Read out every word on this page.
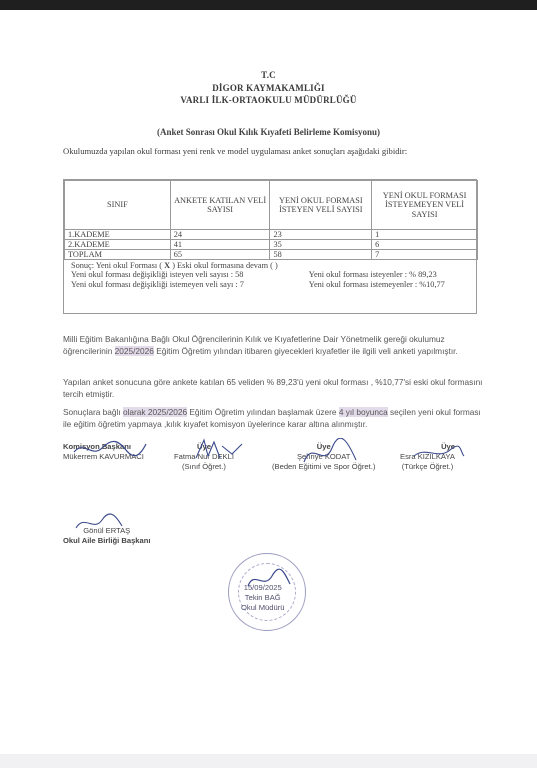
T.C
DİGOR KAYMAKAMLIĞI
VARLI İLK-ORTAOKULU MÜDÜRLÜĞÜ
(Anket Sonrası Okul Kılık Kıyafeti Belirleme Komisyonu)
Okulumuzda yapılan okul forması yeni renk ve model uygulaması anket sonuçları aşağıdaki gibidir:
SINIF	ANKETE KATILAN VELİ SAYISI	YENİ OKUL FORMASI İSTEYEN VELİ SAYISI	YENİ OKUL FORMASI İSTEYEMEYEN VELİ SAYISI
1.KADEME	24	23	1
2.KADEME	41	35	6
TOPLAM	65	58	7
Sonuç: Yeni okul Forması ( X ) Eski okul formasına devam ( )
Yeni okul forması değişikliği isteyen veli sayısı : 58	Yeni okul forması isteyenler : % 89,23
Yeni okul forması değişikliği istemeyen veli sayı : 7	Yeni okul forması istemeyenler : %10,77
Milli Eğitim Bakanlığına Bağlı Okul Öğrencilerinin Kılık ve Kıyafetlerine Dair Yönetmelik gereği okulumuz öğrencilerinin 2025/2026 Eğitim Öğretim yılından itibaren giyecekleri kıyafetler ile ilgili veli anketi yapılmıştır.
Yapılan anket sonucuna göre ankete katılan 65 veliden % 89,23'ü yeni okul forması , %10,77'si eski okul formasını tercih etmiştir.
Sonuçlara bağlı olarak 2025/2026 Eğitim Öğretim yılından başlamak üzere 4 yıl boyunca seçilen yeni okul forması ile eğitim öğretim yapmaya ,kılık kıyafet komisyon üyelerince karar altına alınmıştır.
Komisyon Başkanı
Mükerrem KAVURMACI
Üye
Fatma Nur DEKLİ
(Sınıf Öğret.)
Üye
Şehriye KODAT
(Beden Eğitimi ve Spor Öğret.)
Üye
Esra KIZILKAYA
(Türkçe Öğret.)
Gönül ERTAŞ
Okul Aile Birliği Başkanı
15/09/2025
Tekin BAĞ
Okul Müdürü
